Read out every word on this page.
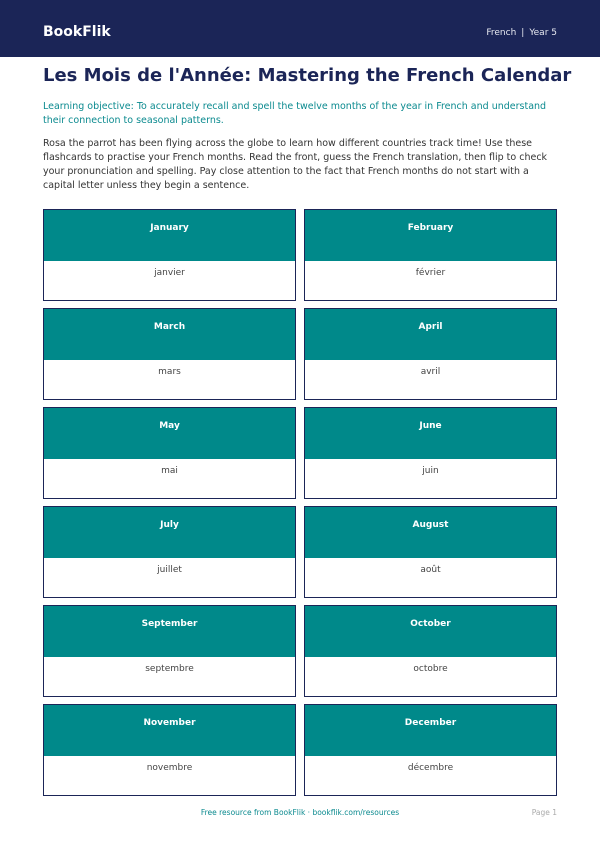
BookFlik	French | Year 5
Les Mois de l'Année: Mastering the French Calendar

Learning objective: To accurately recall and spell the twelve months of the year in French and understand their connection to seasonal patterns.

Rosa the parrot has been flying across the globe to learn how different countries track time! Use these flashcards to practise your French months. Read the front, guess the French translation, then flip to check your pronunciation and spelling. Pay close attention to the fact that French months do not start with a capital letter unless they begin a sentence.

January
janvier
February
février
March
mars
April
avril
May
mai
June
juin
July
juillet
August
août
September
septembre
October
octobre
November
novembre
December
décembre
Free resource from BookFlik · bookflik.com/resources	Page 1
